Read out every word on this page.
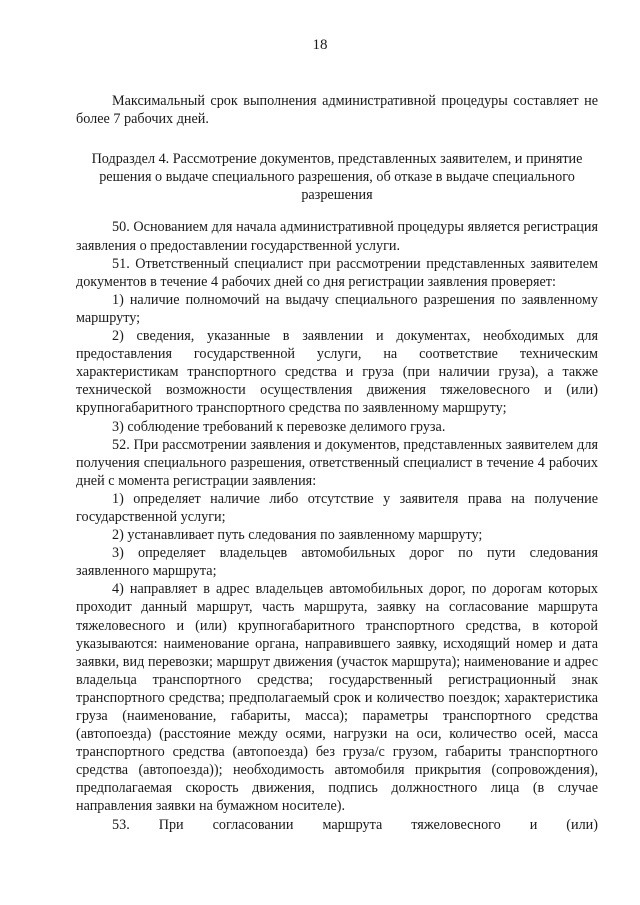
18

Максимальный срок выполнения административной процедуры составляет не более 7 рабочих дней.

Подраздел 4. Рассмотрение документов, представленных заявителем, и принятие решения о выдаче специального разрешения, об отказе в выдаче специального разрешения

50. Основанием для начала административной процедуры является регистрация заявления о предоставлении государственной услуги.

51. Ответственный специалист при рассмотрении представленных заявителем документов в течение 4 рабочих дней со дня регистрации заявления проверяет:

1) наличие полномочий на выдачу специального разрешения по заявленному маршруту;

2) сведения, указанные в заявлении и документах, необходимых для предоставления государственной услуги, на соответствие техническим характеристикам транспортного средства и груза (при наличии груза), а также технической возможности осуществления движения тяжеловесного и (или) крупногабаритного транспортного средства по заявленному маршруту;

3) соблюдение требований к перевозке делимого груза.

52. При рассмотрении заявления и документов, представленных заявителем для получения специального разрешения, ответственный специалист в течение 4 рабочих дней с момента регистрации заявления:

1) определяет наличие либо отсутствие у заявителя права на получение государственной услуги;

2) устанавливает путь следования по заявленному маршруту;

3) определяет владельцев автомобильных дорог по пути следования заявленного маршрута;

4) направляет в адрес владельцев автомобильных дорог, по дорогам которых проходит данный маршрут, часть маршрута, заявку на согласование маршрута тяжеловесного и (или) крупногабаритного транспортного средства, в которой указываются: наименование органа, направившего заявку, исходящий номер и дата заявки, вид перевозки; маршрут движения (участок маршрута); наименование и адрес владельца транспортного средства; государственный регистрационный знак транспортного средства; предполагаемый срок и количество поездок; характеристика груза (наименование, габариты, масса); параметры транспортного средства (автопоезда) (расстояние между осями, нагрузки на оси, количество осей, масса транспортного средства (автопоезда) без груза/с грузом, габариты транспортного средства (автопоезда)); необходимость автомобиля прикрытия (сопровождения), предполагаемая скорость движения, подпись должностного лица (в случае направления заявки на бумажном носителе).

53. При согласовании маршрута тяжеловесного и (или)
